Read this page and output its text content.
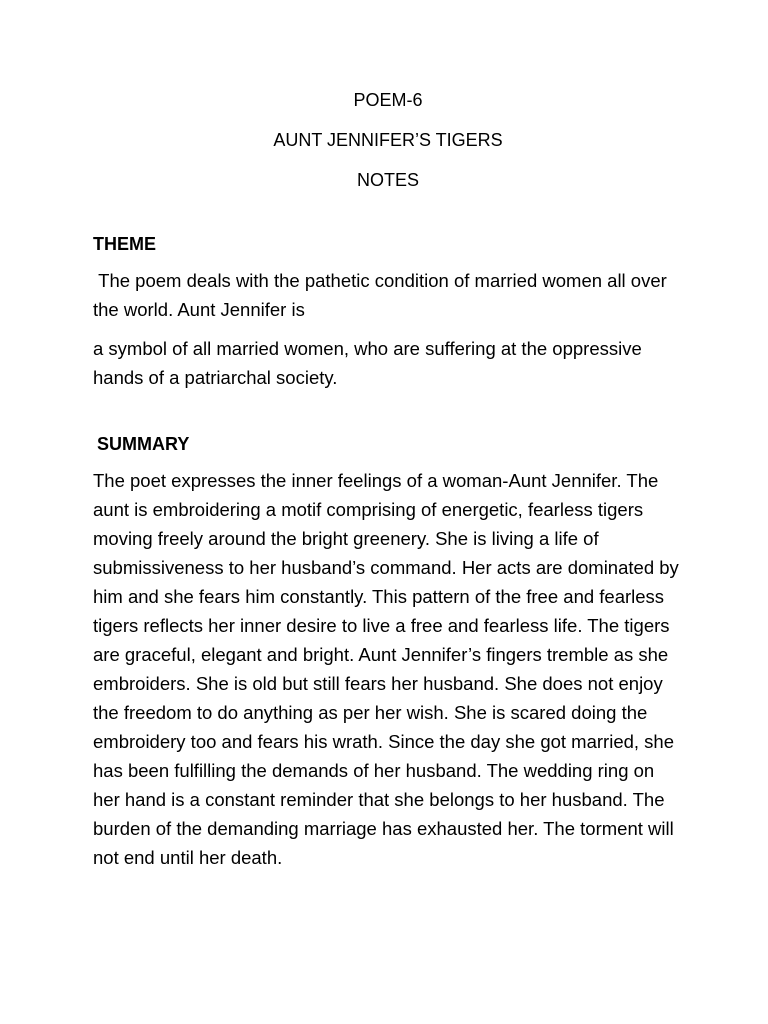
POEM-6
AUNT JENNIFER’S TIGERS
NOTES
THEME

The poem deals with the pathetic condition of married women all over the world. Aunt Jennifer is

a symbol of all married women, who are suffering at the oppressive hands of a patriarchal society.

SUMMARY

The poet expresses the inner feelings of a woman-Aunt Jennifer. The aunt is embroidering a motif comprising of energetic, fearless tigers moving freely around the bright greenery. She is living a life of submissiveness to her husband’s command. Her acts are dominated by him and she fears him constantly. This pattern of the free and fearless tigers reflects her inner desire to live a free and fearless life. The tigers are graceful, elegant and bright. Aunt Jennifer’s fingers tremble as she embroiders. She is old but still fears her husband. She does not enjoy the freedom to do anything as per her wish. She is scared doing the embroidery too and fears his wrath. Since the day she got married, she has been fulfilling the demands of her husband. The wedding ring on her hand is a constant reminder that she belongs to her husband. The burden of the demanding marriage has exhausted her. The torment will not end until her death.
